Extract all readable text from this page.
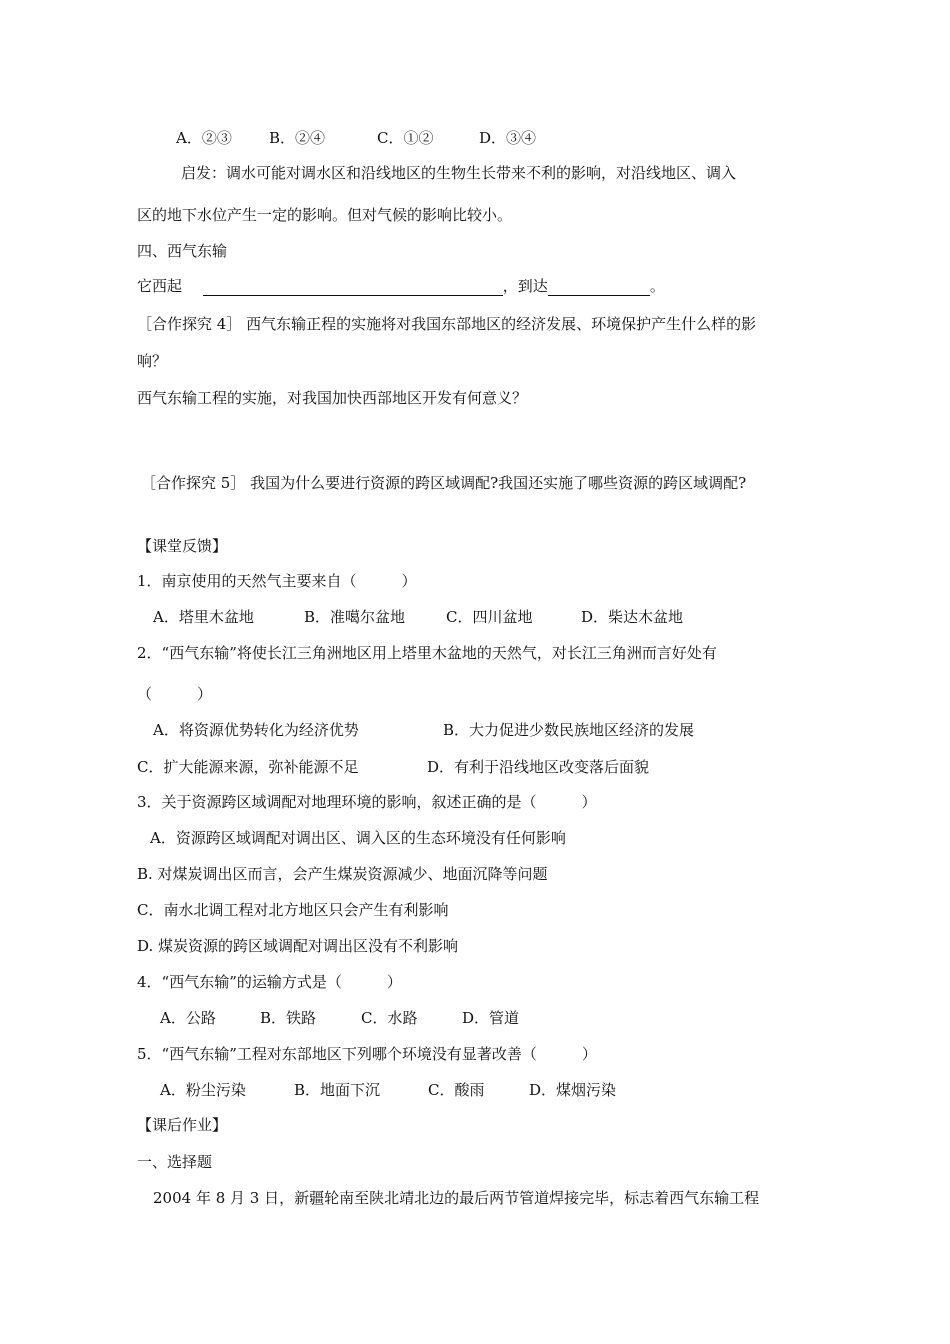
A．②③ B．②④	C．①②	D．③④
启发：调水可能对调水区和沿线地区的生物生长带来不利的影响，对沿线地区、调入
区的地下水位产生一定的影响。但对气候的影响比较小。
四、西气东输
它西起	，到达	。
［合作探究 4］ 西气东输正程的实施将对我国东部地区的经济发展、环境保护产生什么样的影
响？
西气东输工程的实施，对我国加快西部地区开发有何意义？
［合作探究 5］ 我国为什么要进行资源的跨区域调配?我国还实施了哪些资源的跨区域调配?
【课堂反馈】
1．南京使用的天然气主要来自（　　　）
A．塔里木盆地	B．准噶尔盆地	C．四川盆地	D．柴达木盆地
2．“西气东输”将使长江三角洲地区用上塔里木盆地的天然气，对长江三角洲而言好处有
（　　　）
A．将资源优势转化为经济优势	B．大力促进少数民族地区经济的发展
C．扩大能源来源，弥补能源不足	D．有利于沿线地区改变落后面貌
3．关于资源跨区域调配对地理环境的影响，叙述正确的是（　　　）
A．资源跨区域调配对调出区、调入区的生态环境没有任何影响
B. 对煤炭调出区而言，会产生煤炭资源减少、地面沉降等问题
C．南水北调工程对北方地区只会产生有利影响
D. 煤炭资源的跨区域调配对调出区没有不利影响
4．“西气东输”的运输方式是（　　　）
A．公路	B．铁路	C．水路	D．管道
5．“西气东输”工程对东部地区下列哪个环境没有显著改善（　　　）
A．粉尘污染	B．地面下沉	C．酸雨	D．煤烟污染
【课后作业】
一、选择题
2004 年 8 月 3 日，新疆轮南至陕北靖北边的最后两节管道焊接完毕，标志着西气东输工程
